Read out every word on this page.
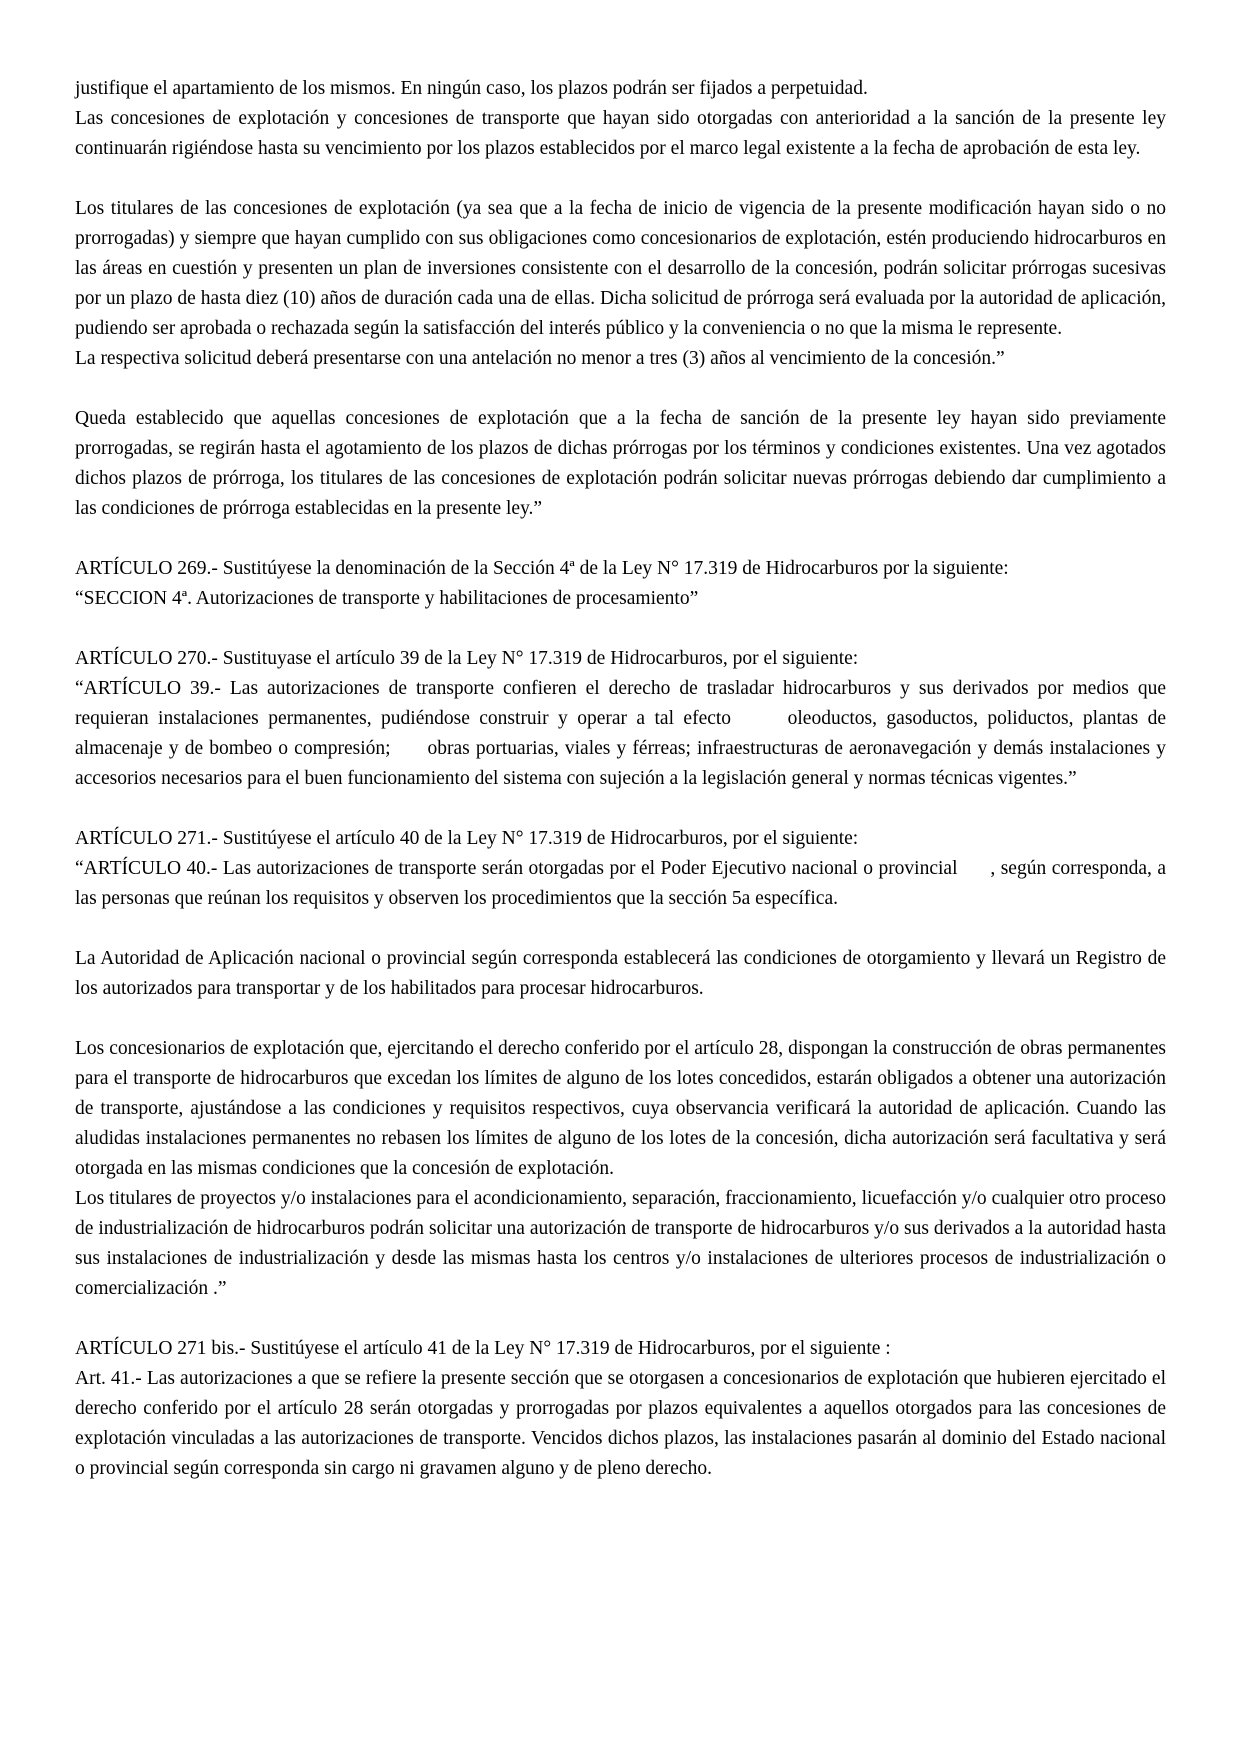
justifique el apartamiento de los mismos. En ningún caso, los plazos podrán ser fijados a perpetuidad.

Las concesiones de explotación y concesiones de transporte que hayan sido otorgadas con anterioridad a la sanción de la presente ley continuarán rigiéndose hasta su vencimiento por los plazos establecidos por el marco legal existente a la fecha de aprobación de esta ley.

Los titulares de las concesiones de explotación (ya sea que a la fecha de inicio de vigencia de la presente modificación hayan sido o no prorrogadas) y siempre que hayan cumplido con sus obligaciones como concesionarios de explotación, estén produciendo hidrocarburos en las áreas en cuestión y presenten un plan de inversiones consistente con el desarrollo de la concesión, podrán solicitar prórrogas sucesivas por un plazo de hasta diez (10) años de duración cada una de ellas. Dicha solicitud de prórroga será evaluada por la autoridad de aplicación, pudiendo ser aprobada o rechazada según la satisfacción del interés público y la conveniencia o no que la misma le represente.

La respectiva solicitud deberá presentarse con una antelación no menor a tres (3) años al vencimiento de la concesión.”

Queda establecido que aquellas concesiones de explotación que a la fecha de sanción de la presente ley hayan sido previamente prorrogadas, se regirán hasta el agotamiento de los plazos de dichas prórrogas por los términos y condiciones existentes. Una vez agotados dichos plazos de prórroga, los titulares de las concesiones de explotación podrán solicitar nuevas prórrogas debiendo dar cumplimiento a las condiciones de prórroga establecidas en la presente ley.”

ARTÍCULO 269.- Sustitúyese la denominación de la Sección 4ª de la Ley N° 17.319 de Hidrocarburos por la siguiente:

“SECCION 4ª. Autorizaciones de transporte y habilitaciones de procesamiento”

ARTÍCULO 270.- Sustituyase el artículo 39 de la Ley N° 17.319 de Hidrocarburos, por el siguiente:

“ARTÍCULO 39.- Las autorizaciones de transporte confieren el derecho de trasladar hidrocarburos y sus derivados por medios que requieran instalaciones permanentes, pudiéndose construir y operar a tal efecto      oleoductos, gasoductos, poliductos, plantas de almacenaje y de bombeo o compresión;      obras portuarias, viales y férreas; infraestructuras de aeronavegación y demás instalaciones y accesorios necesarios para el buen funcionamiento del sistema con sujeción a la legislación general y normas técnicas vigentes.”

ARTÍCULO 271.- Sustitúyese el artículo 40 de la Ley N° 17.319 de Hidrocarburos, por el siguiente:

“ARTÍCULO 40.- Las autorizaciones de transporte serán otorgadas por el Poder Ejecutivo nacional o provincial      , según corresponda, a las personas que reúnan los requisitos y observen los procedimientos que la sección 5a específica.

La Autoridad de Aplicación nacional o provincial según corresponda establecerá las condiciones de otorgamiento y llevará un Registro de los autorizados para transportar y de los habilitados para procesar hidrocarburos.

Los concesionarios de explotación que, ejercitando el derecho conferido por el artículo 28, dispongan la construcción de obras permanentes para el transporte de hidrocarburos que excedan los límites de alguno de los lotes concedidos, estarán obligados a obtener una autorización de transporte, ajustándose a las condiciones y requisitos respectivos, cuya observancia verificará la autoridad de aplicación. Cuando las aludidas instalaciones permanentes no rebasen los límites de alguno de los lotes de la concesión, dicha autorización será facultativa y será otorgada en las mismas condiciones que la concesión de explotación.

Los titulares de proyectos y/o instalaciones para el acondicionamiento, separación, fraccionamiento, licuefacción y/o cualquier otro proceso de industrialización de hidrocarburos podrán solicitar una autorización de transporte de hidrocarburos y/o sus derivados a la autoridad hasta sus instalaciones de industrialización y desde las mismas hasta los centros y/o instalaciones de ulteriores procesos de industrialización o comercialización .”

ARTÍCULO 271 bis.- Sustitúyese el artículo 41 de la Ley N° 17.319 de Hidrocarburos, por el siguiente :

Art. 41.- Las autorizaciones a que se refiere la presente sección que se otorgasen a concesionarios de explotación que hubieren ejercitado el derecho conferido por el artículo 28 serán otorgadas y prorrogadas por plazos equivalentes a aquellos otorgados para las concesiones de explotación vinculadas a las autorizaciones de transporte. Vencidos dichos plazos, las instalaciones pasarán al dominio del Estado nacional o provincial según corresponda sin cargo ni gravamen alguno y de pleno derecho.
